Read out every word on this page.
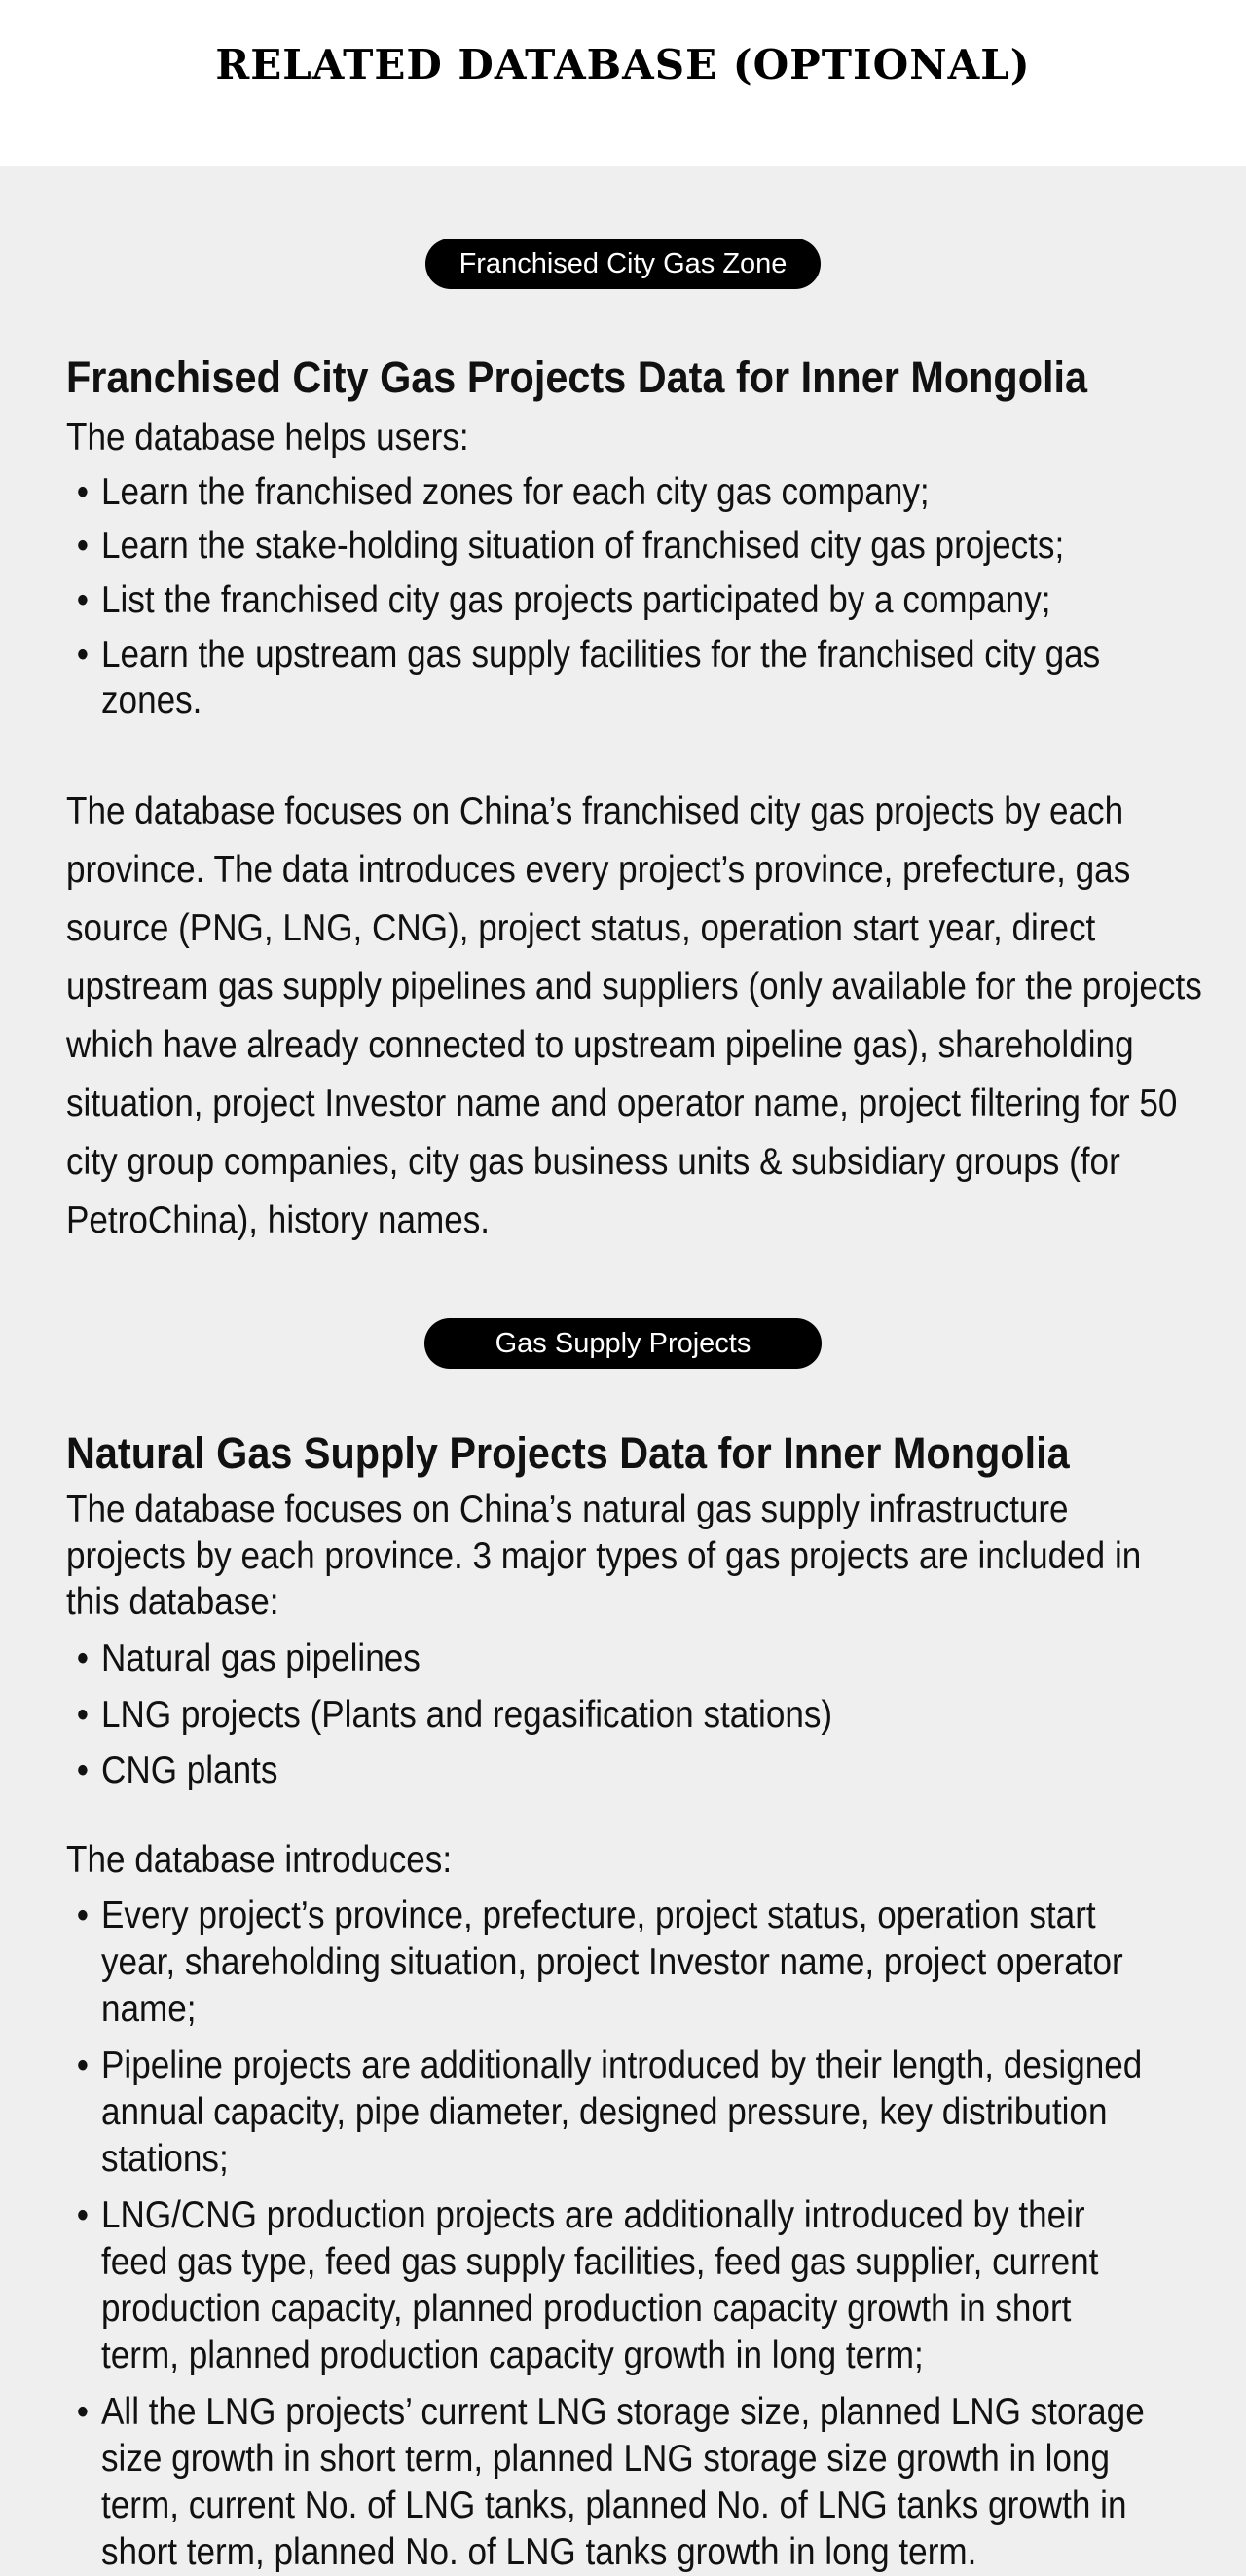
RELATED DATABASE (OPTIONAL)
Franchised City Gas Zone
Franchised City Gas Projects Data for Inner Mongolia
The database helps users:
• Learn the franchised zones for each city gas company;
• Learn the stake-holding situation of franchised city gas projects;
• List the franchised city gas projects participated by a company;
• Learn the upstream gas supply facilities for the franchised city gas zones.

The database focuses on China’s franchised city gas projects by each province. The data introduces every project’s province, prefecture, gas source (PNG, LNG, CNG), project status, operation start year, direct upstream gas supply pipelines and suppliers (only available for the projects which have already connected to upstream pipeline gas), shareholding situation, project Investor name and operator name, project filtering for 50 city group companies, city gas business units & subsidiary groups (for PetroChina), history names.

Gas Supply Projects
Natural Gas Supply Projects Data for Inner Mongolia
The database focuses on China’s natural gas supply infrastructure projects by each province. 3 major types of gas projects are included in this database:
• Natural gas pipelines
• LNG projects (Plants and regasification stations)
• CNG plants
The database introduces:
• Every project’s province, prefecture, project status, operation start year, shareholding situation, project Investor name, project operator name;
• Pipeline projects are additionally introduced by their length, designed annual capacity, pipe diameter, designed pressure, key distribution stations;
• LNG/CNG production projects are additionally introduced by their feed gas type, feed gas supply facilities, feed gas supplier, current production capacity, planned production capacity growth in short term, planned production capacity growth in long term;
• All the LNG projects’ current LNG storage size, planned LNG storage size growth in short term, planned LNG storage size growth in long term, current No. of LNG tanks, planned No. of LNG tanks growth in short term, planned No. of LNG tanks growth in long term.
